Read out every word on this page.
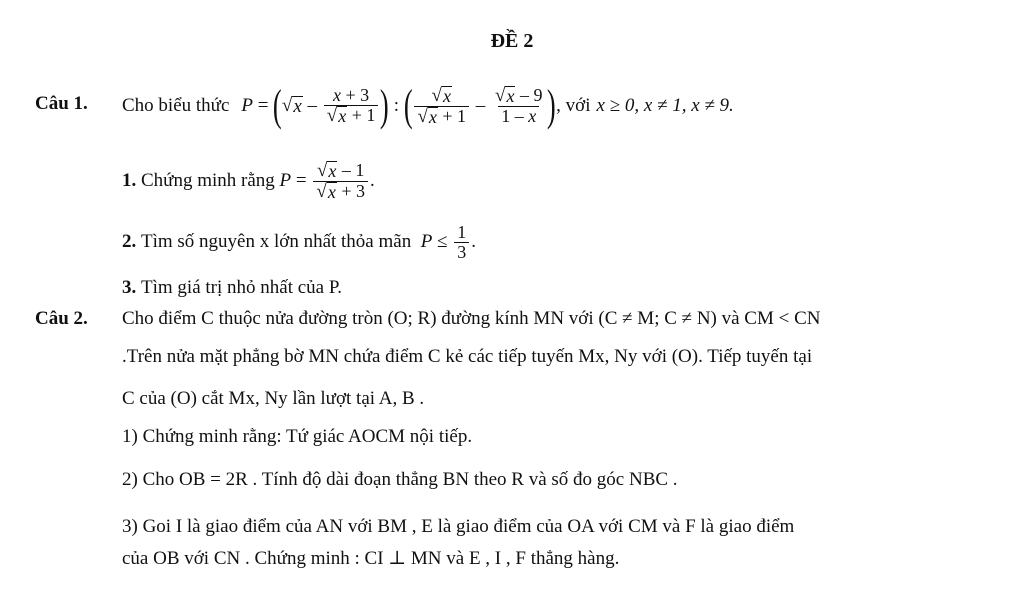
ĐỀ 2
Câu 1. Cho biểu thức P = ( √ x – $\frac{x + 3}{√ x + 1}$ ) : ( $\frac{√ x}{√ x + 1} - \frac{√ x - 9}{1 - x}$ ) , với x ≥ 0, x ≠ 1, x ≠ 9.
1.
Chứng minh rằng
$P = \frac{√ x - 1}{√ x + 3}$ .
2.
Tìm số nguyên x lớn nhất thỏa mãn
$P \le \frac{1}{3}$ .
3.
Tìm giá trị nhỏ nhất của P.
Câu 2. Cho điểm C thuộc nửa đường tròn (O; R) đường kính MN với (C ≠ M; C ≠ N) và CM < CN
.Trên nửa mặt phẳng bờ MN chứa điểm C kẻ các tiếp tuyến Mx, Ny với (O). Tiếp tuyến tại
C của (O) cắt Mx, Ny lần lượt tại A, B .
1) Chứng minh rằng: Tứ giác AOCM nội tiếp.
2) Cho OB = 2R . Tính độ dài đoạn thẳng BN theo R và số đo góc NBC .
3) Goi I là giao điểm của AN với BM , E là giao điểm của OA với CM và F là giao điểm
của OB với CN . Chứng minh : CI ⊥ MN và E , I , F thẳng hàng.
